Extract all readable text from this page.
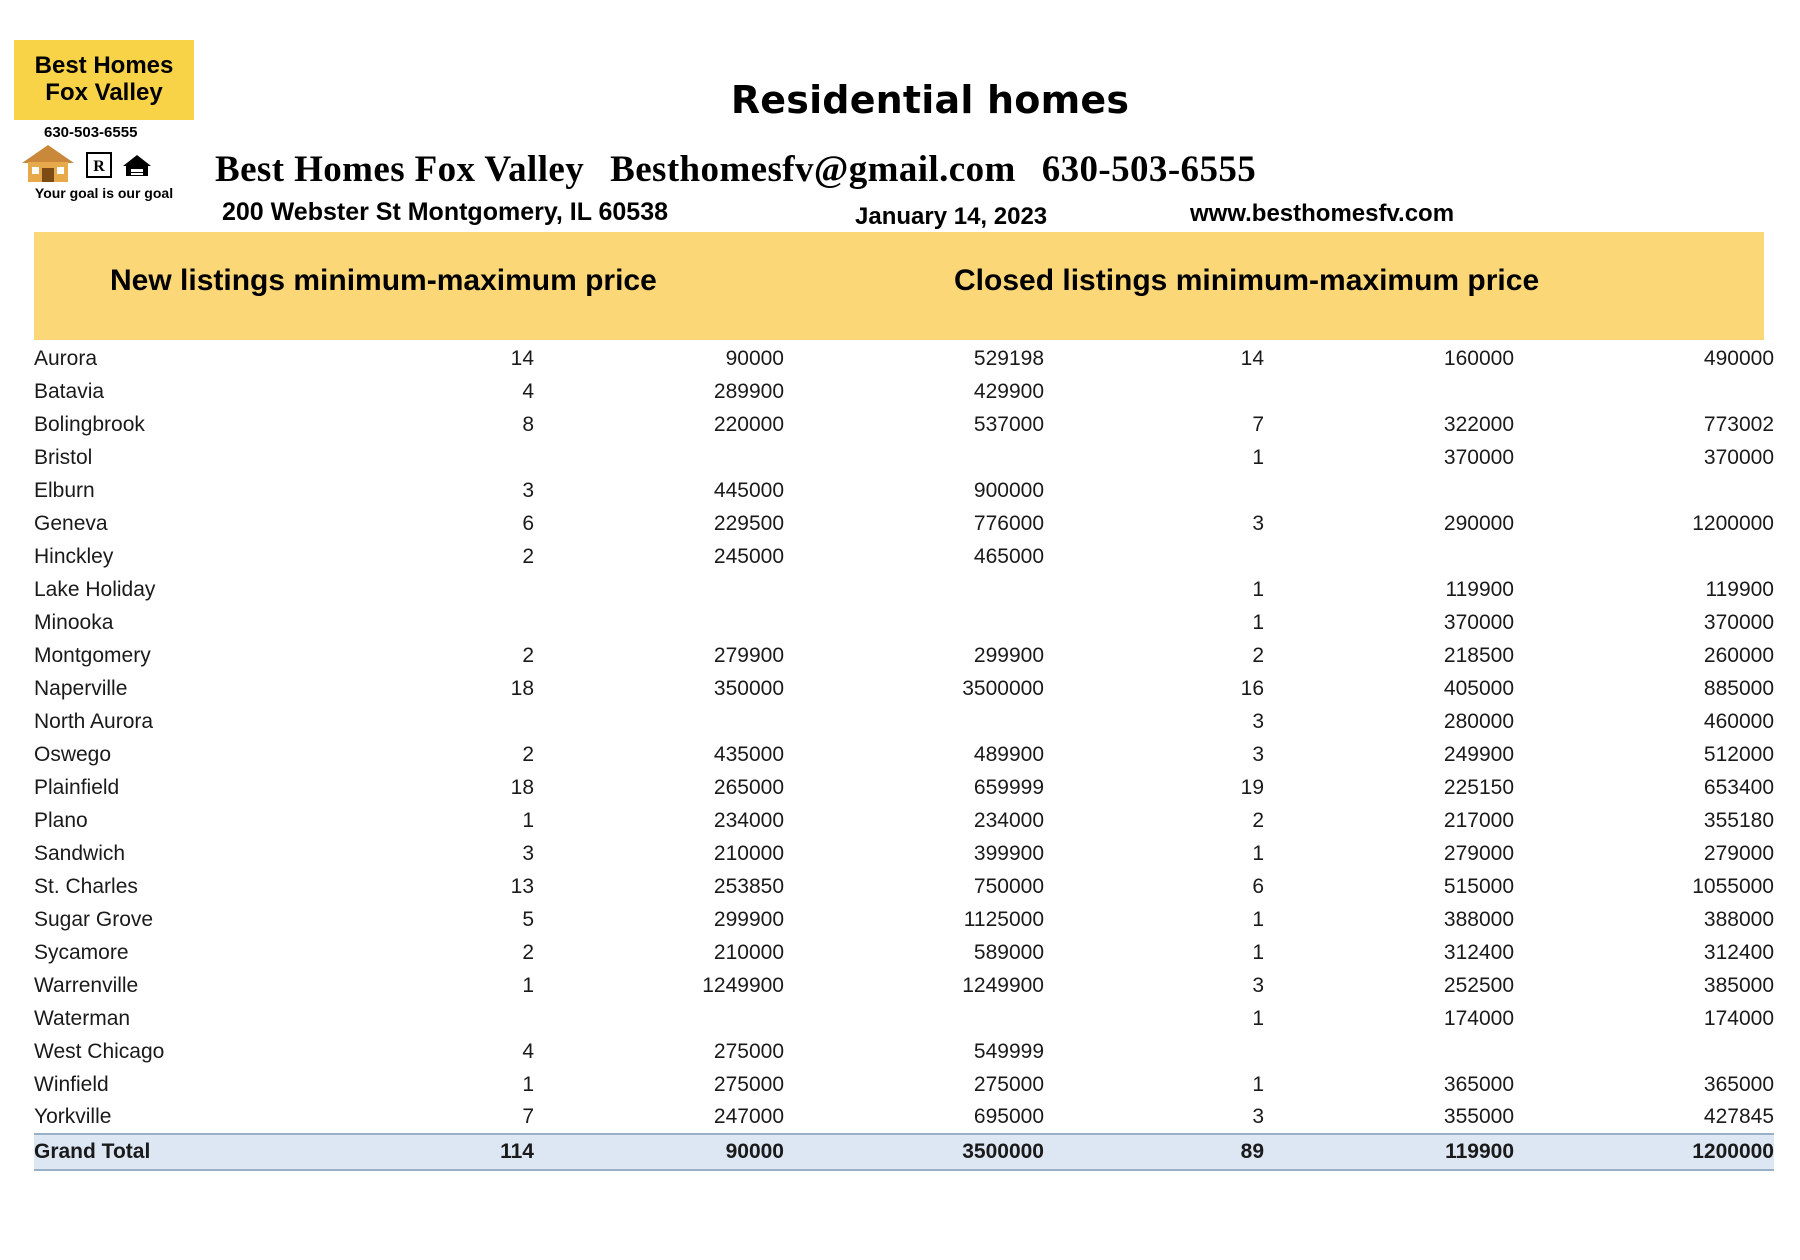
Best Homes
Fox Valley
630-503-6555
R
Your goal is our goal
Residential homes
Best Homes Fox Valley Besthomesfv@gmail.com 630-503-6555
200 Webster St Montgomery, IL 60538	January 14, 2023	www.besthomesfv.com
New listings minimum-maximum price	Closed listings minimum-maximum price
Aurora	14	90000	529198	14	160000	490000
Batavia	4	289900	429900			
Bolingbrook	8	220000	537000	7	322000	773002
Bristol				1	370000	370000
Elburn	3	445000	900000			
Geneva	6	229500	776000	3	290000	1200000
Hinckley	2	245000	465000			
Lake Holiday				1	119900	119900
Minooka				1	370000	370000
Montgomery	2	279900	299900	2	218500	260000
Naperville	18	350000	3500000	16	405000	885000
North Aurora				3	280000	460000
Oswego	2	435000	489900	3	249900	512000
Plainfield	18	265000	659999	19	225150	653400
Plano	1	234000	234000	2	217000	355180
Sandwich	3	210000	399900	1	279000	279000
St. Charles	13	253850	750000	6	515000	1055000
Sugar Grove	5	299900	1125000	1	388000	388000
Sycamore	2	210000	589000	1	312400	312400
Warrenville	1	1249900	1249900	3	252500	385000
Waterman				1	174000	174000
West Chicago	4	275000	549999			
Winfield	1	275000	275000	1	365000	365000
Yorkville	7	247000	695000	3	355000	427845
Grand Total	114	90000	3500000	89	119900	1200000
